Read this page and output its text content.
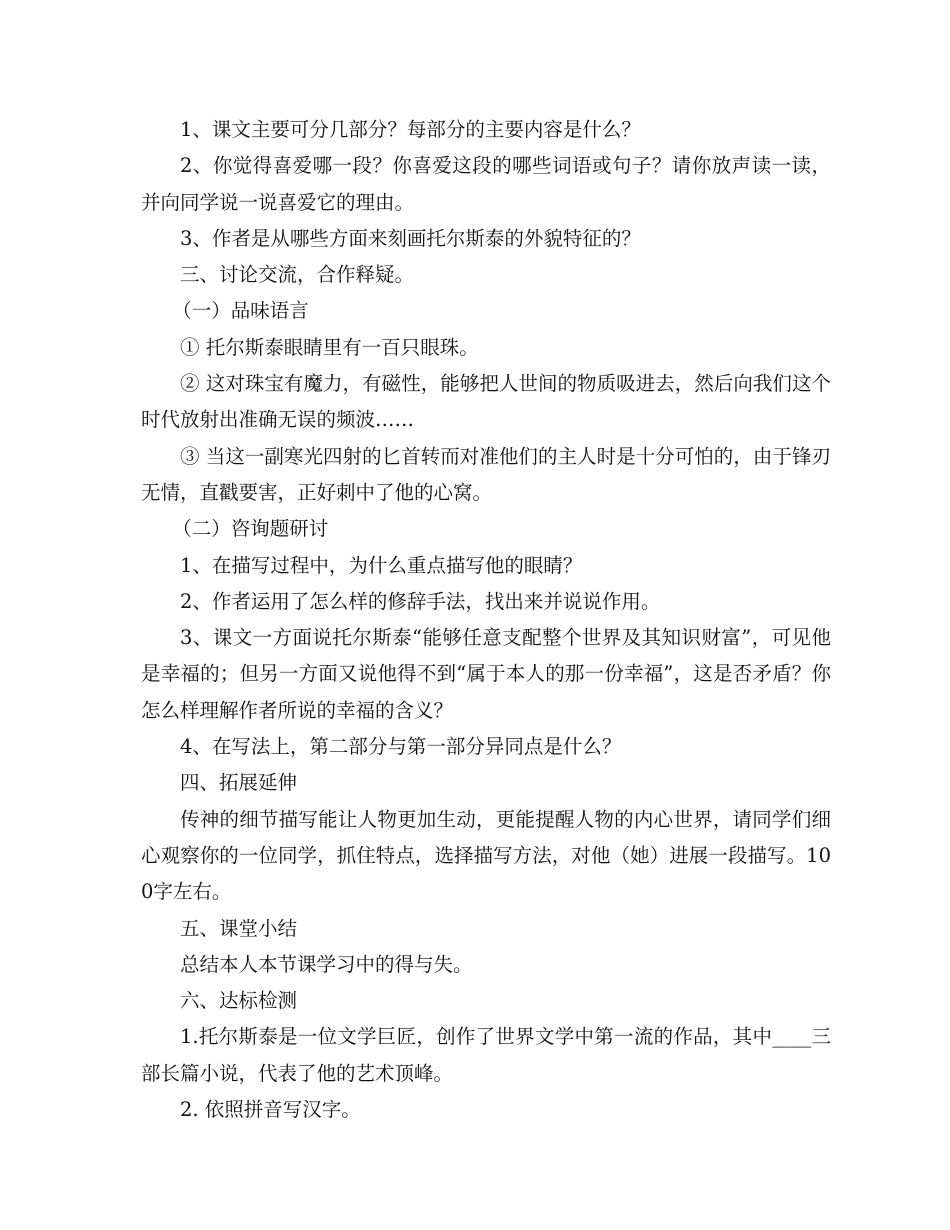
1、课文主要可分几部分？每部分的主要内容是什么？

2、你觉得喜爱哪一段？你喜爱这段的哪些词语或句子？请你放声读一读，并向同学说一说喜爱它的理由。

3、作者是从哪些方面来刻画托尔斯泰的外貌特征的？

三、讨论交流，合作释疑。

（一）品味语言

① 托尔斯泰眼睛里有一百只眼珠。

② 这对珠宝有魔力，有磁性，能够把人世间的物质吸进去，然后向我们这个时代放射出准确无误的频波……

③ 当这一副寒光四射的匕首转而对准他们的主人时是十分可怕的，由于锋刃无情，直戳要害，正好刺中了他的心窝。

（二）咨询题研讨

1、在描写过程中，为什么重点描写他的眼睛？

2、作者运用了怎么样的修辞手法，找出来并说说作用。

3、课文一方面说托尔斯泰“能够任意支配整个世界及其知识财富”，可见他是幸福的；但另一方面又说他得不到“属于本人的那一份幸福”，这是否矛盾？你怎么样理解作者所说的幸福的含义？

4、在写法上，第二部分与第一部分异同点是什么？

四、拓展延伸

传神的细节描写能让人物更加生动，更能提醒人物的内心世界，请同学们细心观察你的一位同学，抓住特点，选择描写方法，对他（她）进展一段描写。100字左右。

五、课堂小结

总结本人本节课学习中的得与失。

六、达标检测

1.托尔斯泰是一位文学巨匠，创作了世界文学中第一流的作品，其中____三部长篇小说，代表了他的艺术顶峰。

2. 依照拼音写汉字。
